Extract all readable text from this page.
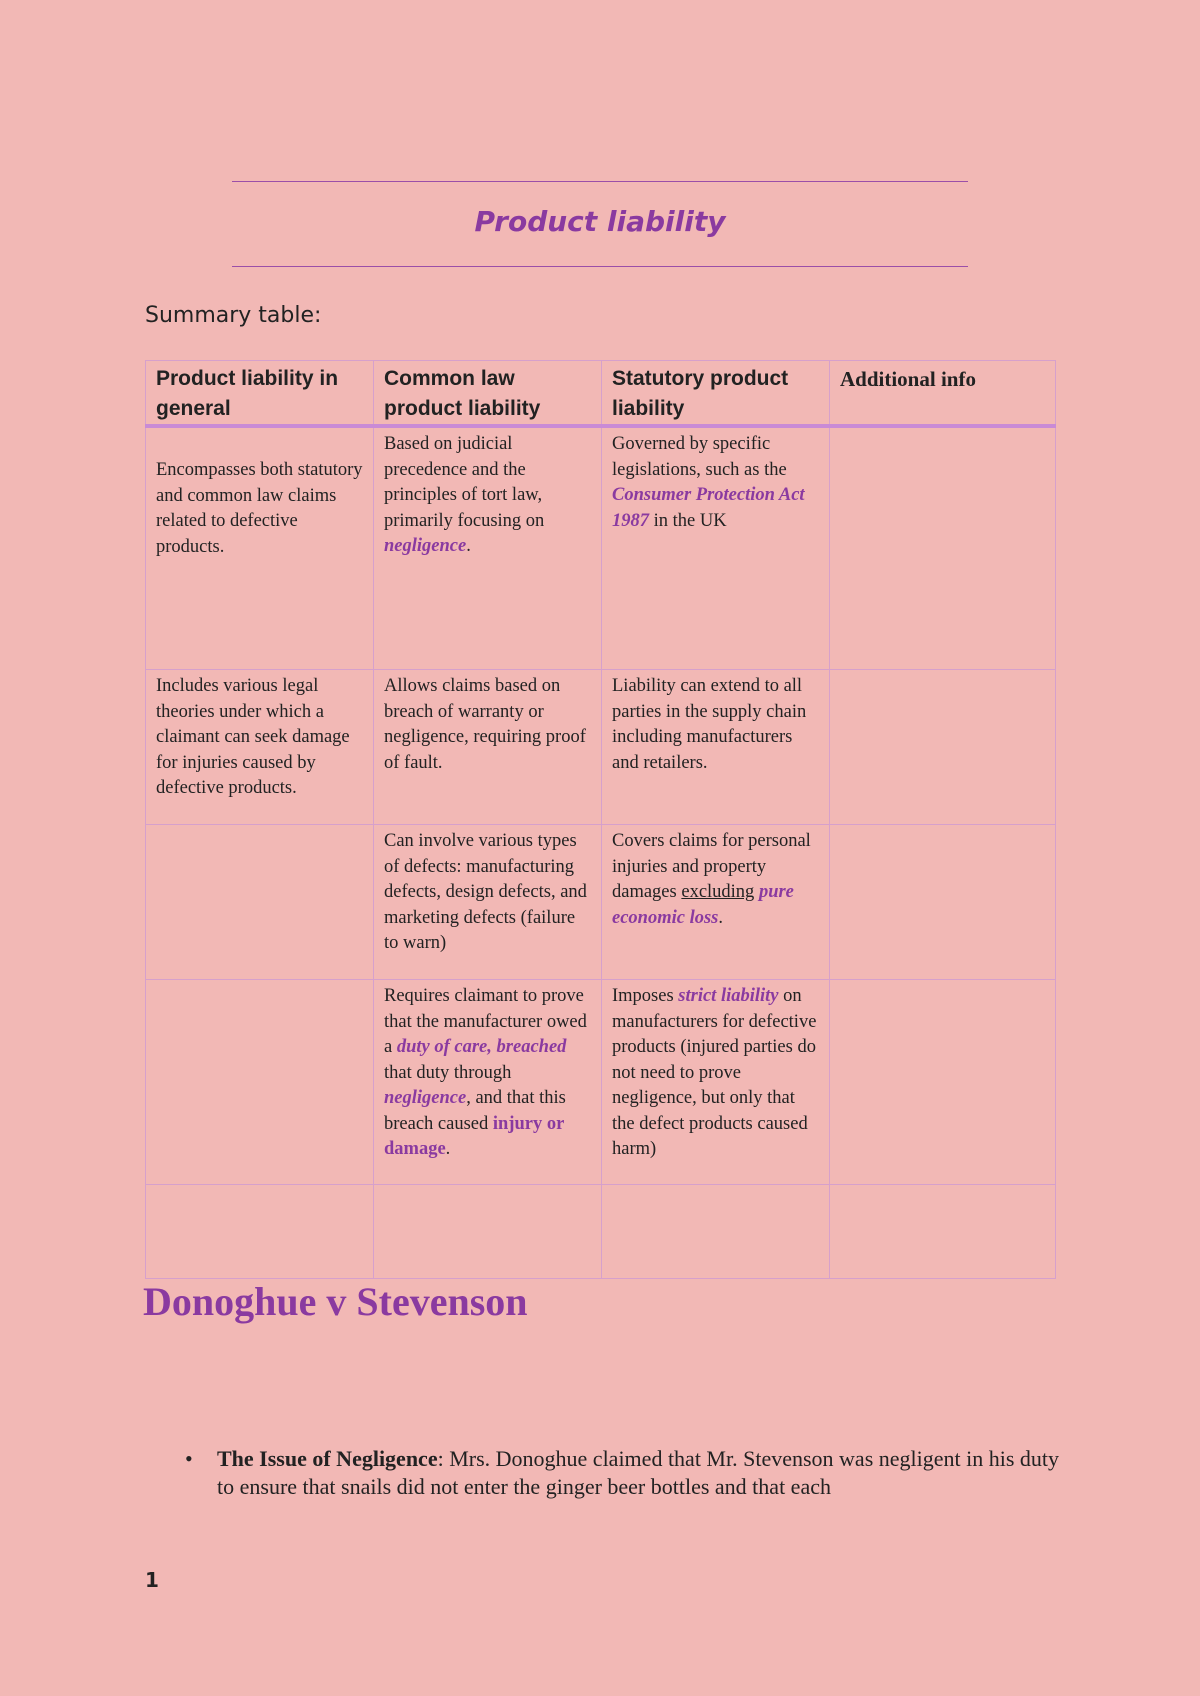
Product liability

Summary table:

Product liability in general	Common law product liability	Statutory product liability	Additional info
Encompasses both statutory and common law claims related to defective products.	Based on judicial precedence and the principles of tort law, primarily focusing on negligence.	Governed by specific legislations, such as the Consumer Protection Act 1987 in the UK	
Includes various legal theories under which a claimant can seek damage for injuries caused by defective products.	Allows claims based on breach of warranty or negligence, requiring proof of fault.	Liability can extend to all parties in the supply chain including manufacturers and retailers.	
	Can involve various types of defects: manufacturing defects, design defects, and marketing defects (failure to warn)	Covers claims for personal injuries and property damages excluding pure economic loss.	
	Requires claimant to prove that the manufacturer owed a duty of care, breached that duty through negligence, and that this breach caused injury or damage.	Imposes strict liability on manufacturers for defective products (injured parties do not need to prove negligence, but only that the defect products caused harm)	

Donoghue v Stevenson
• The Issue of Negligence: Mrs. Donoghue claimed that Mr. Stevenson was negligent in his duty to ensure that snails did not enter the ginger beer bottles and that each

1
